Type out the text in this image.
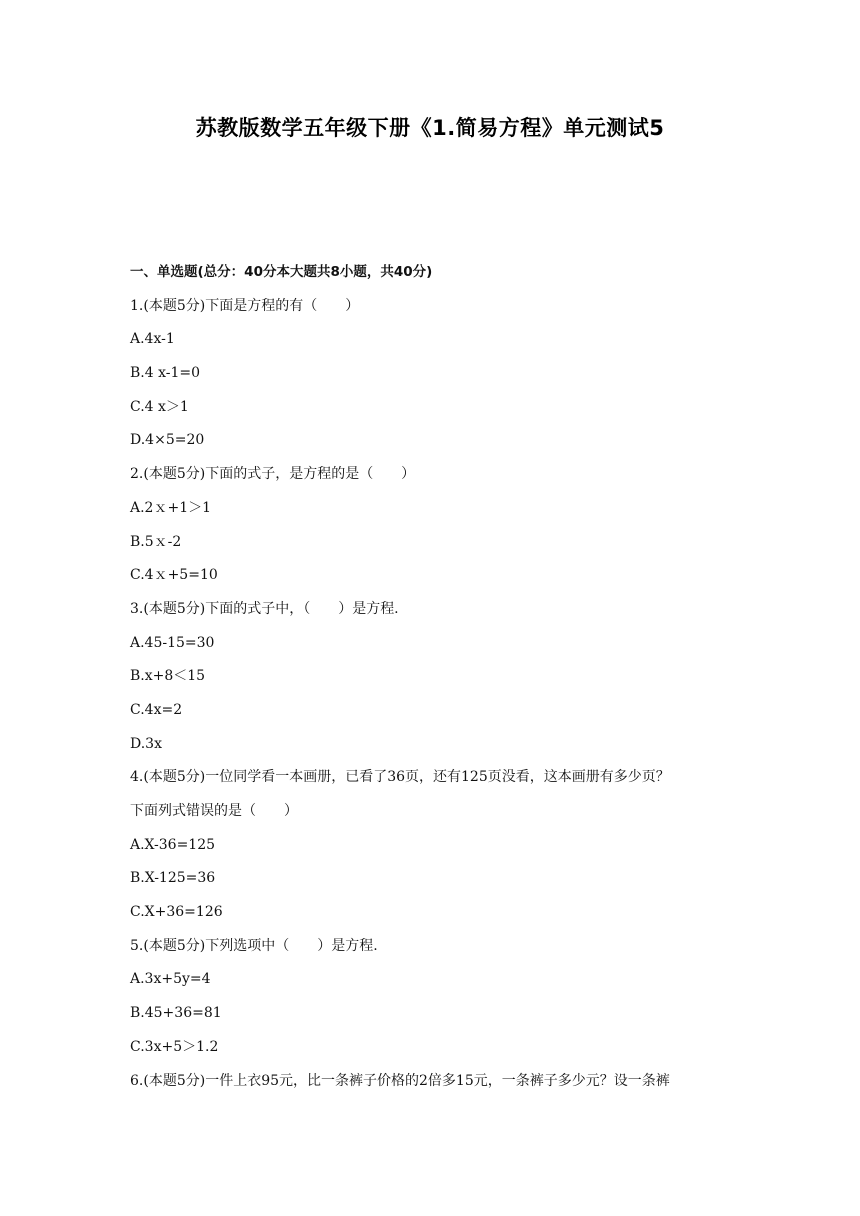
苏教版数学五年级下册《1.简易方程》单元测试5
一、单选题(总分：40分本大题共8小题，共40分)
1.(本题5分)下面是方程的有（　　）
A.4x-1
B.4 x-1=0
C.4 x＞1
D.4×5=20
2.(本题5分)下面的式子，是方程的是（　　）
A.2ｘ+1＞1
B.5ｘ-2
C.4ｘ+5=10
3.(本题5分)下面的式子中，（　　）是方程.
A.45-15=30
B.x+8＜15
C.4x=2
D.3x
4.(本题5分)一位同学看一本画册，已看了36页，还有125页没看，这本画册有多少页？
下面列式错误的是（　　）
A.X-36=125
B.X-125=36
C.X+36=126
5.(本题5分)下列选项中（　　）是方程.
A.3x+5y=4
B.45+36=81
C.3x+5＞1.2
6.(本题5分)一件上衣95元，比一条裤子价格的2倍多15元，一条裤子多少元？设一条裤
